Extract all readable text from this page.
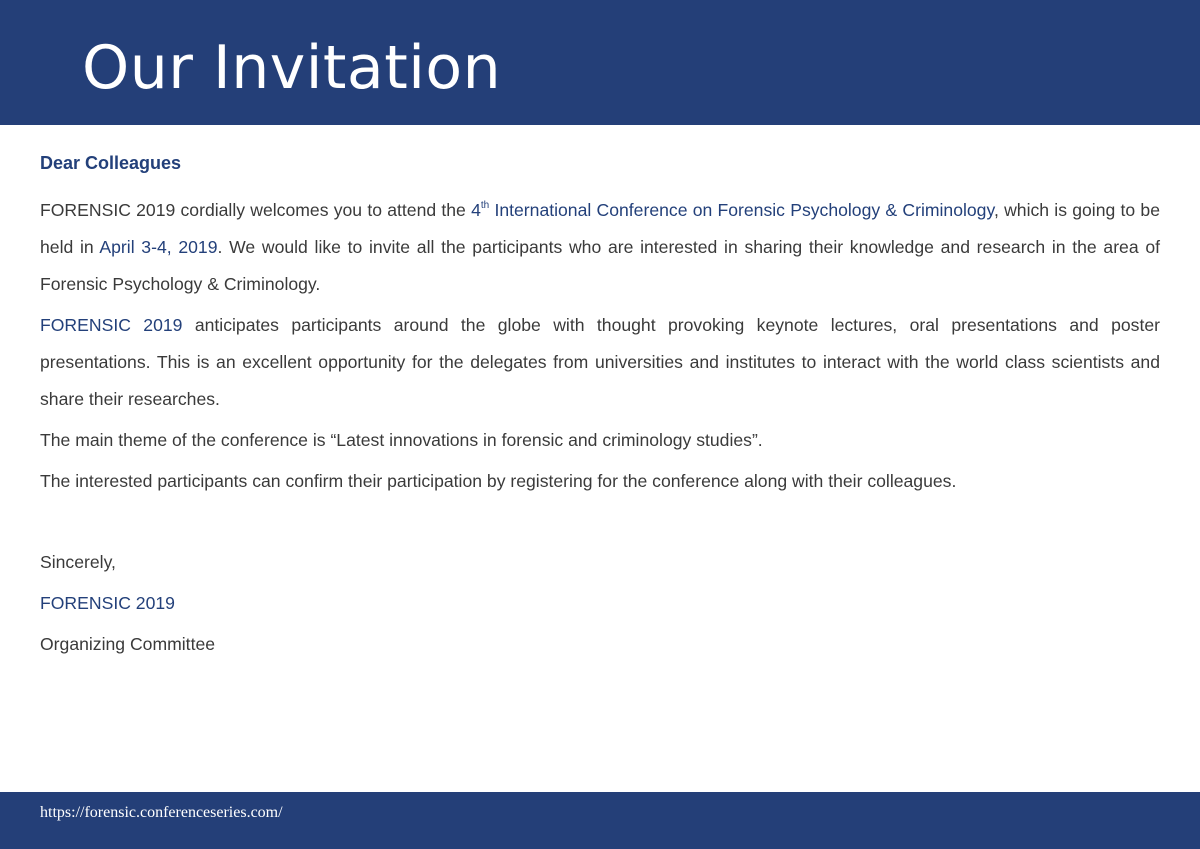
Our Invitation

Dear Colleagues

FORENSIC 2019 cordially welcomes you to attend the 4th International Conference on Forensic Psychology & Criminology, which is going to be held in April 3-4, 2019. We would like to invite all the participants who are interested in sharing their knowledge and research in the area of Forensic Psychology & Criminology.

FORENSIC 2019 anticipates participants around the globe with thought provoking keynote lectures, oral presentations and poster presentations. This is an excellent opportunity for the delegates from universities and institutes to interact with the world class scientists and share their researches.

The main theme of the conference is “Latest innovations in forensic and criminology studies”.

The interested participants can confirm their participation by registering for the conference along with their colleagues.

Sincerely,

FORENSIC 2019

Organizing Committee

https://forensic.conferenceseries.com/
